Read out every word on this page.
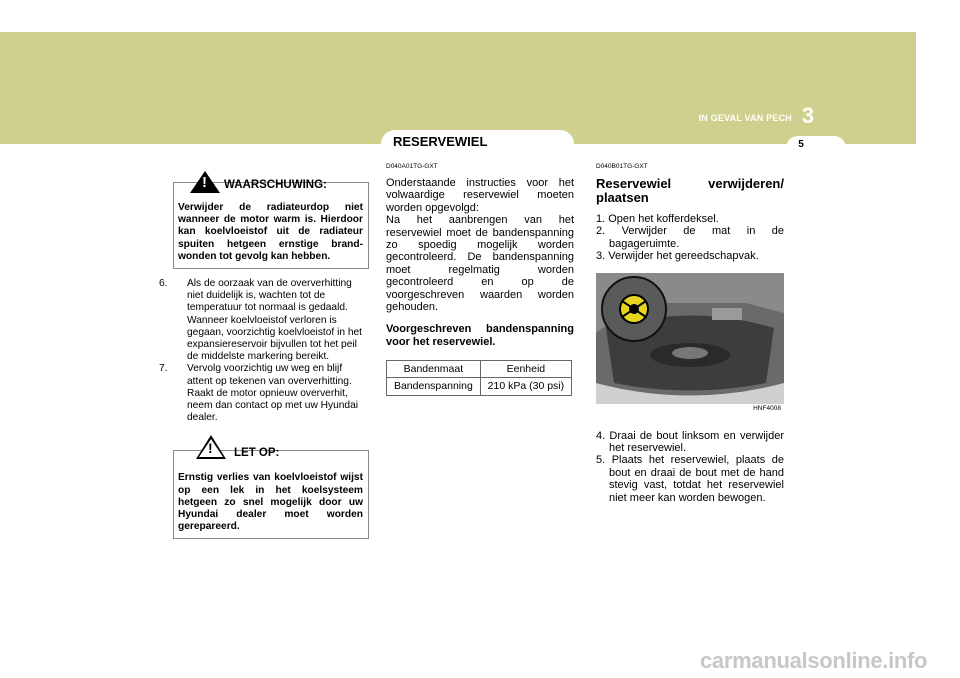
3
IN GEVAL VAN PECH
5
RESERVEWIEL
! WAARSCHUWING:
Verwijder de radiateurdop niet wanneer de motor warm is. Hierdoor kan koelvloeistof uit de radiateur spuiten hetgeen ernstige brand-wonden tot gevolg kan hebben.
6. Als de oorzaak van de oververhitting niet duidelijk is, wachten tot de temperatuur tot normaal is gedaald. Wanneer koelvloeistof verloren is gegaan, voorzichtig koelvloeistof in het expansiereservoir bijvullen tot het peil de middelste markering bereikt.
7. Vervolg voorzichtig uw weg en blijf attent op tekenen van oververhitting. Raakt de motor opnieuw oververhit, neem dan contact op met uw Hyundai dealer.
! LET OP:
Ernstig verlies van koelvloeistof wijst op een lek in het koelsysteem hetgeen zo snel mogelijk door uw Hyundai dealer moet worden gerepareerd.
D040A01TG-GXT
Onderstaande instructies voor het volwaardige reservewiel moeten worden opgevolgd:
Na het aanbrengen van het reservewiel moet de bandenspanning zo spoedig mogelijk worden gecontroleerd. De bandenspanning moet regelmatig worden gecontroleerd en op de voorgeschreven waarden worden gehouden.
Voorgeschreven bandenspanning voor het reservewiel.
Bandenmaat	Eenheid
Bandenspanning	210 kPa (30 psi)
D040B01TG-GXT
Reservewiel verwijderen/ plaatsen
1. Open het kofferdeksel.
2. Verwijder de mat in de bagageruimte.
3. Verwijder het gereedschapvak.
HNF4008
4. Draai de bout linksom en verwijder het reservewiel.
5. Plaats het reservewiel, plaats de bout en draai de bout met de hand stevig vast, totdat het reservewiel niet meer kan worden bewogen.
carmanualsonline.info
